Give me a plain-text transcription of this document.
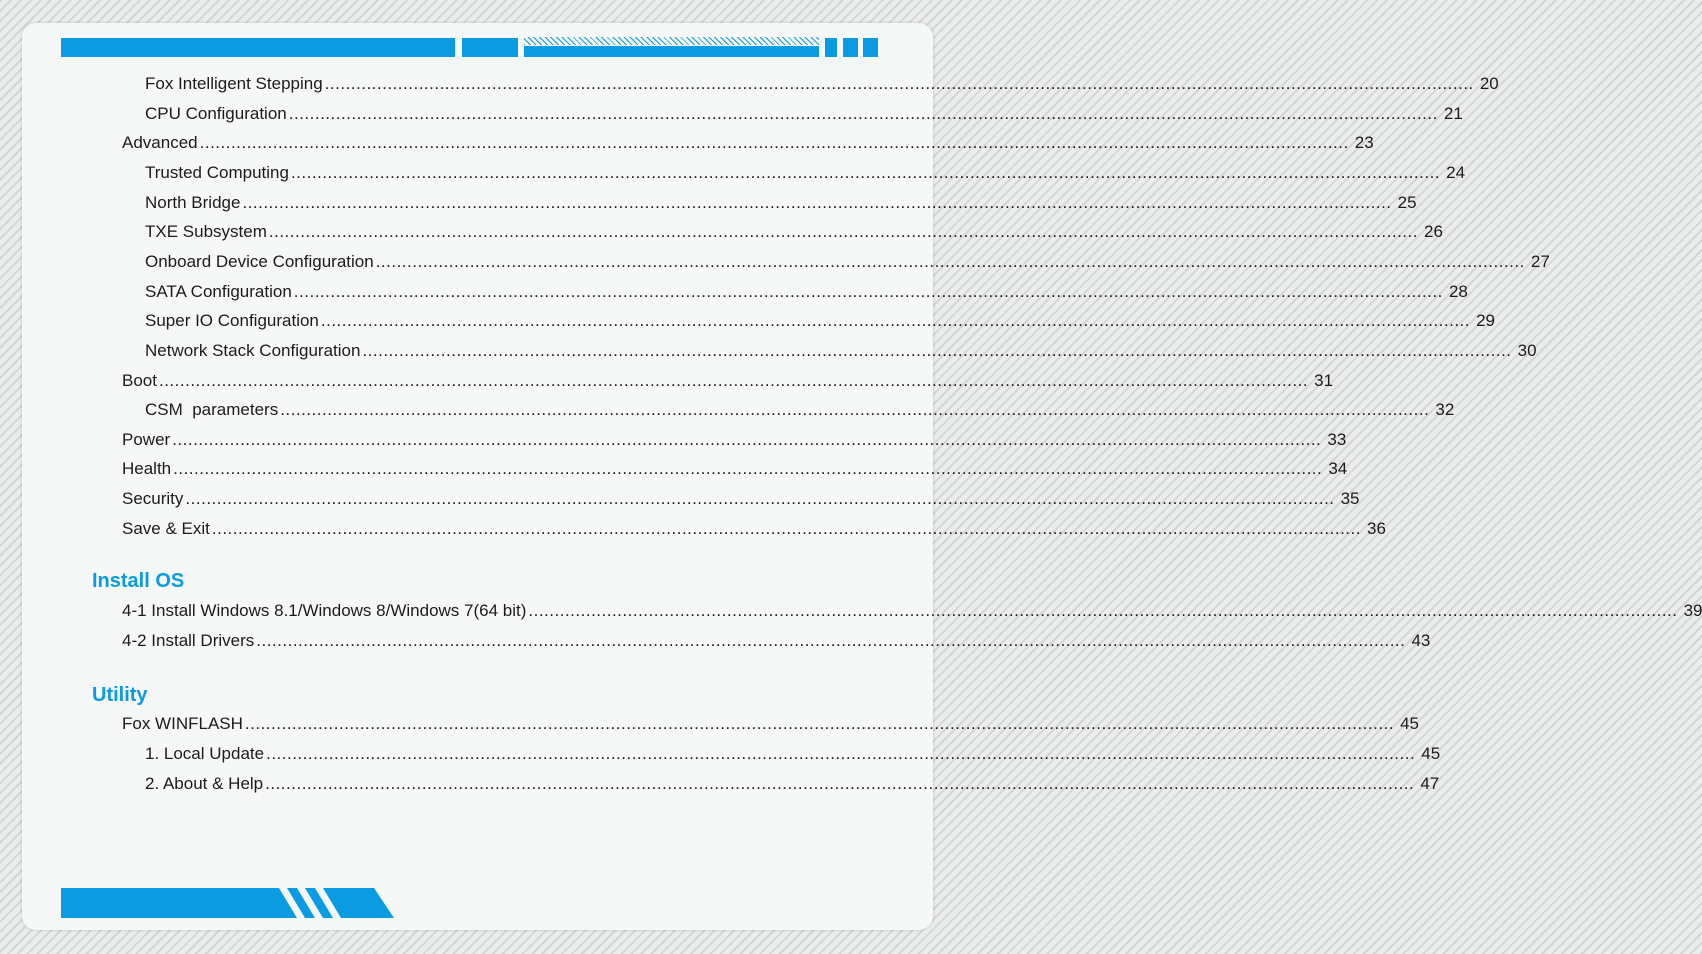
Fox Intelligent Stepping ............................................................................................................................................................................................................................ 20
CPU Configuration ............................................................................................................................................................................................................................ 21
Advanced ............................................................................................................................................................................................................................ 23
Trusted Computing ............................................................................................................................................................................................................................ 24
North Bridge ............................................................................................................................................................................................................................ 25
TXE Subsystem ............................................................................................................................................................................................................................ 26
Onboard Device Configuration ............................................................................................................................................................................................................................ 27
SATA Configuration ............................................................................................................................................................................................................................ 28
Super IO Configuration ............................................................................................................................................................................................................................ 29
Network Stack Configuration ............................................................................................................................................................................................................................ 30
Boot ............................................................................................................................................................................................................................ 31
CSM  parameters ............................................................................................................................................................................................................................ 32
Power ............................................................................................................................................................................................................................ 33
Health ............................................................................................................................................................................................................................ 34
Security ............................................................................................................................................................................................................................ 35
Save & Exit ............................................................................................................................................................................................................................ 36
Install OS
4-1 Install Windows 8.1/Windows 8/Windows 7(64 bit) ............................................................................................................................................................................................................................ 39
4-2 Install Drivers ............................................................................................................................................................................................................................ 43
Utility
Fox WINFLASH ............................................................................................................................................................................................................................ 45
1. Local Update ............................................................................................................................................................................................................................ 45
2. About & Help ............................................................................................................................................................................................................................ 47
